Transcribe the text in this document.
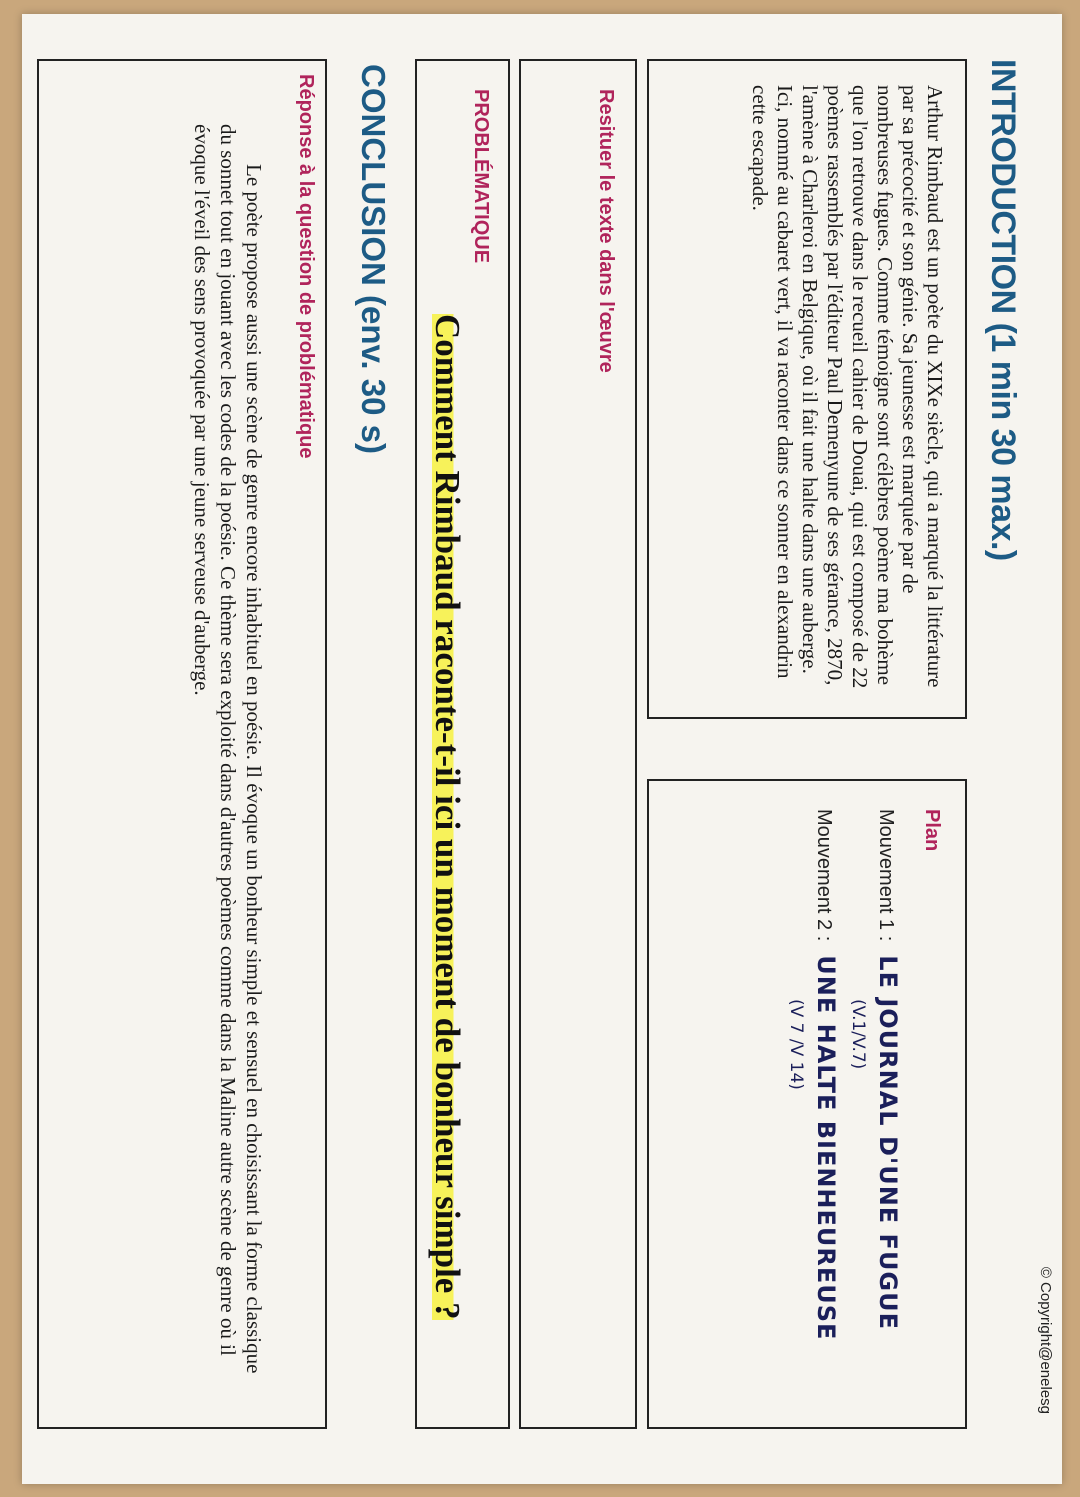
© Copyright@enelesg
INTRODUCTION (1 min 30 max.)

Arthur Rimbaud est un poète du XIXe siècle, qui a marqué la littérature par sa précocité et son génie. Sa jeunesse est marquée par de nombreuses fugues. Comme témoigne sont célèbres poème ma bohème que l'on retrouve dans le recueil cahier de Douai, qui est composé de 22 poèmes rassemblés par l'éditeur Paul Demenyune de ses gérance, 2870, l'amène à Charleroi en Belgique, où il fait une halte dans une auberge. Ici, nommé au cabaret vert, il va raconter dans ce sonner en alexandrin cette escapade.

Plan
Mouvement 1 :
LE JOURNAL D'UNE FUGUE
(V.1/V.7)
Mouvement 2 :
UNE HALTE BIENHEUREUSE
(V 7 /V 14)
Resituer le texte dans l'œuvre
PROBLÉMATIQUE
Comment Rimbaud raconte-t-il ici un moment de bonheur simple ?
CONCLUSION (env. 30 s)
Réponse à la question de problématique

Le poète propose aussi une scène de genre encore inhabituel en poésie. Il évoque un bonheur simple et sensuel en choisissant la forme classique du sonnet tout en jouant avec les codes de la poésie. Ce thème sera exploité dans d'autres poèmes comme dans la Maline autre scène de genre où il évoque l'éveil des sens provoquée par une jeune serveuse d'auberge.
